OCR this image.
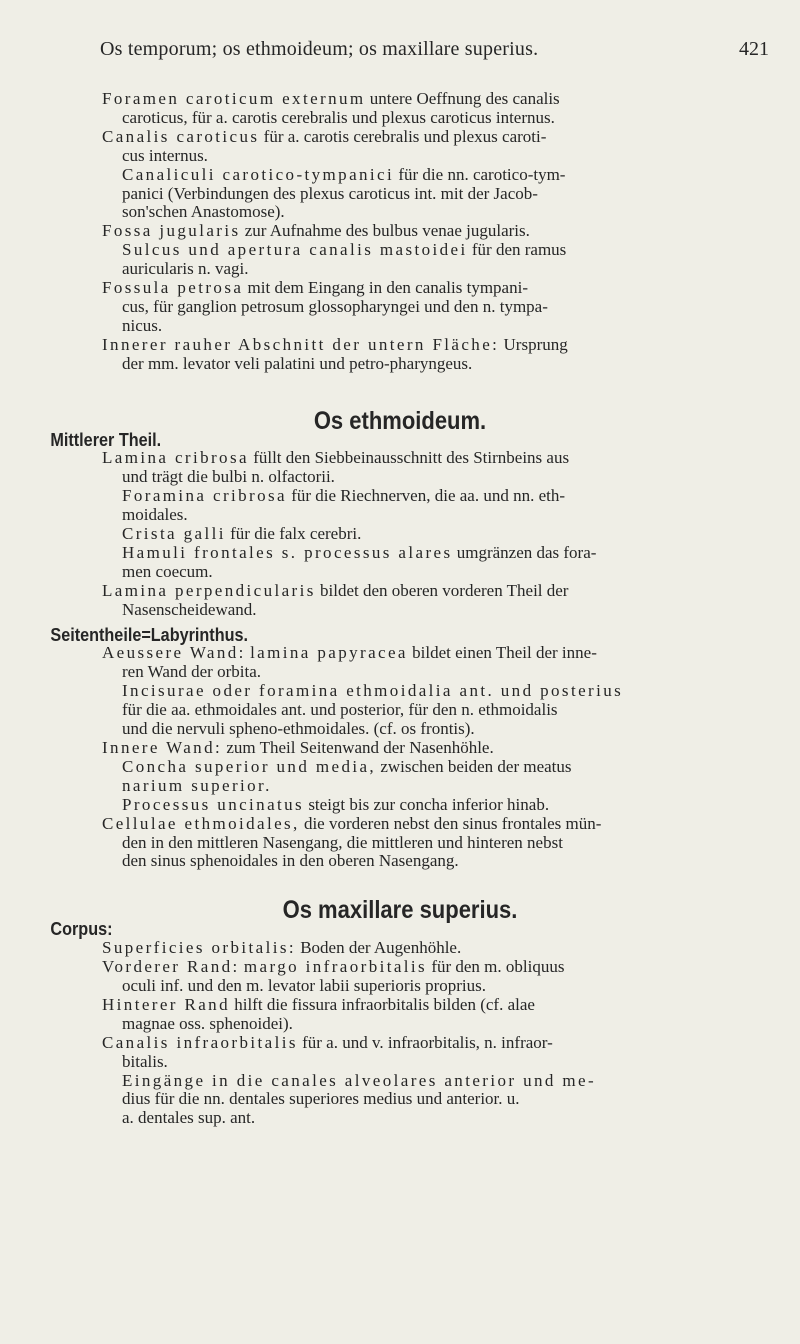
Os temporum; os ethmoideum; os maxillare superius.	421

Foramen caroticum externum untere Oeffnung des canalis
caroticus, für a. carotis cerebralis und plexus caroticus internus.

Canalis caroticus für a. carotis cerebralis und plexus caroti-
cus internus.

Canaliculi carotico-tympanici für die nn. carotico-tym-
panici (Verbindungen des plexus caroticus int. mit der Jacob-
son'schen Anastomose).

Fossa jugularis zur Aufnahme des bulbus venae jugularis.

Sulcus und apertura canalis mastoidei für den ramus
auricularis n. vagi.

Fossula petrosa mit dem Eingang in den canalis tympani-
cus, für ganglion petrosum glossopharyngei und den n. tympa-
nicus.

Innerer rauher Abschnitt der untern Fläche: Ursprung
der mm. levator veli palatini und petro-pharyngeus.

Os ethmoideum.
Mittlerer Theil.

Lamina cribrosa füllt den Siebbeinausschnitt des Stirnbeins aus
und trägt die bulbi n. olfactorii.

Foramina cribrosa für die Riechnerven, die aa. und nn. eth-
moidales.

Crista galli für die falx cerebri.

Hamuli frontales s. processus alares umgränzen das fora-
men coecum.

Lamina perpendicularis bildet den oberen vorderen Theil der
Nasenscheidewand.

Seitentheile=Labyrinthus.

Aeussere Wand: lamina papyracea bildet einen Theil der inne-
ren Wand der orbita.

Incisurae oder foramina ethmoidalia ant. und posterius
für die aa. ethmoidales ant. und posterior, für den n. ethmoidalis
und die nervuli spheno-ethmoidales. (cf. os frontis).

Innere Wand: zum Theil Seitenwand der Nasenhöhle.

Concha superior und media, zwischen beiden der meatus
narium superior.

Processus uncinatus steigt bis zur concha inferior hinab.

Cellulae ethmoidales, die vorderen nebst den sinus frontales mün-
den in den mittleren Nasengang, die mittleren und hinteren nebst
den sinus sphenoidales in den oberen Nasengang.

Os maxillare superius.
Corpus:

Superficies orbitalis: Boden der Augenhöhle.

Vorderer Rand: margo infraorbitalis für den m. obliquus
oculi inf. und den m. levator labii superioris proprius.

Hinterer Rand hilft die fissura infraorbitalis bilden (cf. alae
magnae oss. sphenoidei).

Canalis infraorbitalis für a. und v. infraorbitalis, n. infraor-
bitalis.

Eingänge in die canales alveolares anterior und me-
dius für die nn. dentales superiores medius und anterior. u.
a. dentales sup. ant.
